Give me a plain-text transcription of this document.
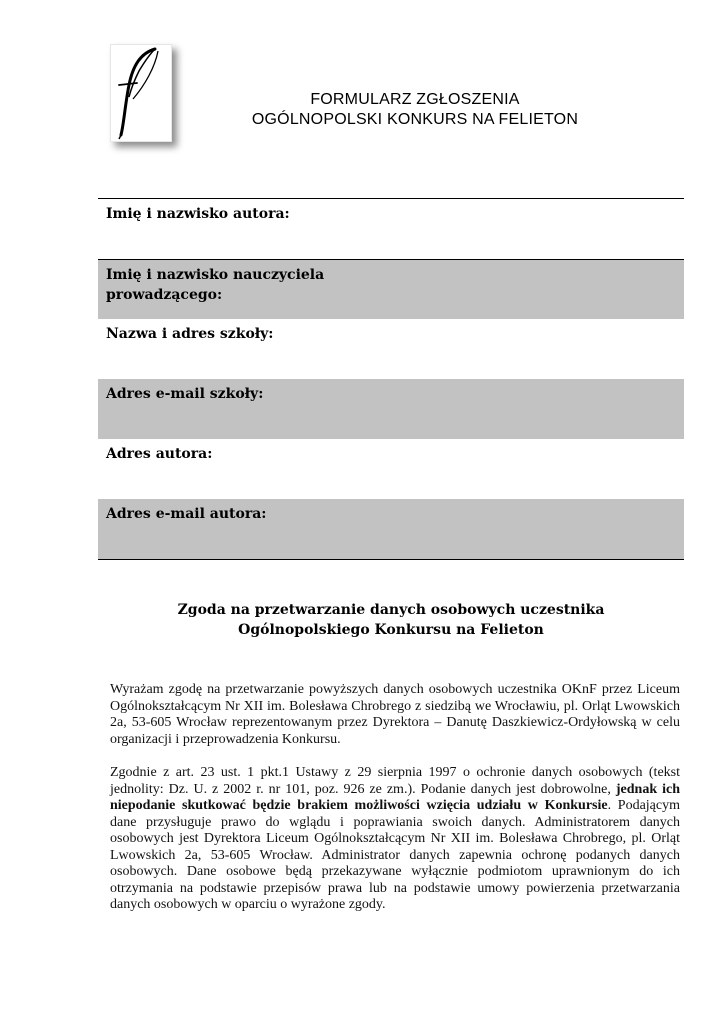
FORMULARZ ZGŁOSZENIA
OGÓLNOPOLSKI KONKURS NA FELIETON
Imię i nazwisko autora:
Imię i nazwisko nauczyciela
prowadzącego:
Nazwa i adres szkoły:
Adres e-mail szkoły:
Adres autora:
Adres e-mail autora:
Zgoda na przetwarzanie danych osobowych uczestnika
Ogólnopolskiego Konkursu na Felieton
Wyrażam zgodę na przetwarzanie powyższych danych osobowych uczestnika OKnF przez Liceum Ogólnokształcącym Nr XII im. Bolesława Chrobrego z siedzibą we Wrocławiu, pl. Orląt Lwowskich 2a, 53-605 Wrocław reprezentowanym przez Dyrektora – Danutę Daszkiewicz-Ordyłowską w celu organizacji i przeprowadzenia Konkursu.
Zgodnie z art. 23 ust. 1 pkt.1 Ustawy z 29 sierpnia 1997 o ochronie danych osobowych (tekst jednolity: Dz. U. z 2002 r. nr 101, poz. 926 ze zm.). Podanie danych jest dobrowolne, jednak ich niepodanie skutkować będzie brakiem możliwości wzięcia udziału w Konkursie. Podającym dane przysługuje prawo do wglądu i poprawiania swoich danych. Administratorem danych osobowych jest Dyrektora Liceum Ogólnokształcącym Nr XII im. Bolesława Chrobrego, pl. Orląt Lwowskich 2a, 53-605 Wrocław. Administrator danych zapewnia ochronę podanych danych osobowych. Dane osobowe będą przekazywane wyłącznie podmiotom uprawnionym do ich otrzymania na podstawie przepisów prawa lub na podstawie umowy powierzenia przetwarzania danych osobowych w oparciu o wyrażone zgody.
